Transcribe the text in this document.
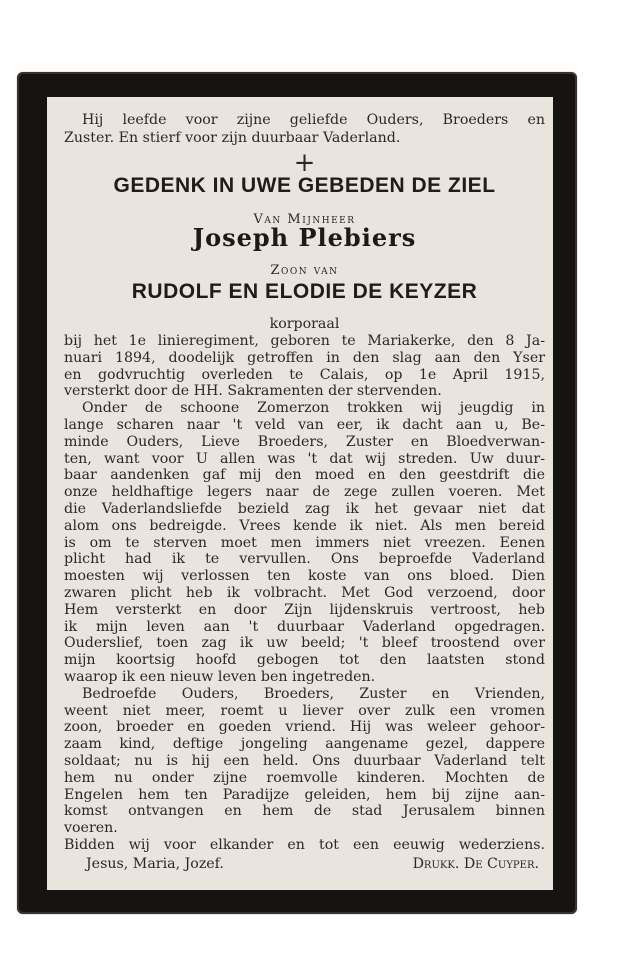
Hij leefde voor zijne geliefde Ouders, Broeders en
Zuster. En stierf voor zijn duurbaar Vaderland.
+
GEDENK IN UWE GEBEDEN DE ZIEL
Van Mijnheer
Joseph Plebiers
Zoon van
RUDOLF EN ELODIE DE KEYZER
korporaal
bij het 1e linieregiment, geboren te Mariakerke, den 8 Ja-
nuari 1894, doodelijk getroffen in den slag aan den Yser
en godvruchtig overleden te Calais, op 1e April 1915,
versterkt door de HH. Sakramenten der stervenden.
Onder de schoone Zomerzon trokken wij jeugdig in
lange scharen naar 't veld van eer, ik dacht aan u, Be-
minde Ouders, Lieve Broeders, Zuster en Bloedverwan-
ten, want voor U allen was 't dat wij streden. Uw duur-
baar aandenken gaf mij den moed en den geestdrift die
onze heldhaftige legers naar de zege zullen voeren. Met
die Vaderlandsliefde bezield zag ik het gevaar niet dat
alom ons bedreigde. Vrees kende ik niet. Als men bereid
is om te sterven moet men immers niet vreezen. Eenen
plicht had ik te vervullen. Ons beproefde Vaderland
moesten wij verlossen ten koste van ons bloed. Dien
zwaren plicht heb ik volbracht. Met God verzoend, door
Hem versterkt en door Zijn lijdenskruis vertroost, heb
ik mijn leven aan 't duurbaar Vaderland opgedragen.
Ouderslief, toen zag ik uw beeld; 't bleef troostend over
mijn koortsig hoofd gebogen tot den laatsten stond
waarop ik een nieuw leven ben ingetreden.
Bedroefde Ouders, Broeders, Zuster en Vrienden,
weent niet meer, roemt u liever over zulk een vromen
zoon, broeder en goeden vriend. Hij was weleer gehoor-
zaam kind, deftige jongeling aangename gezel, dappere
soldaat; nu is hij een held. Ons duurbaar Vaderland telt
hem nu onder zijne roemvolle kinderen. Mochten de
Engelen hem ten Paradijze geleiden, hem bij zijne aan-
komst ontvangen en hem de stad Jerusalem binnen
voeren.
Bidden wij voor elkander en tot een eeuwig wederziens.
Jesus, Maria, Jozef.	Drukk. De Cuyper.
